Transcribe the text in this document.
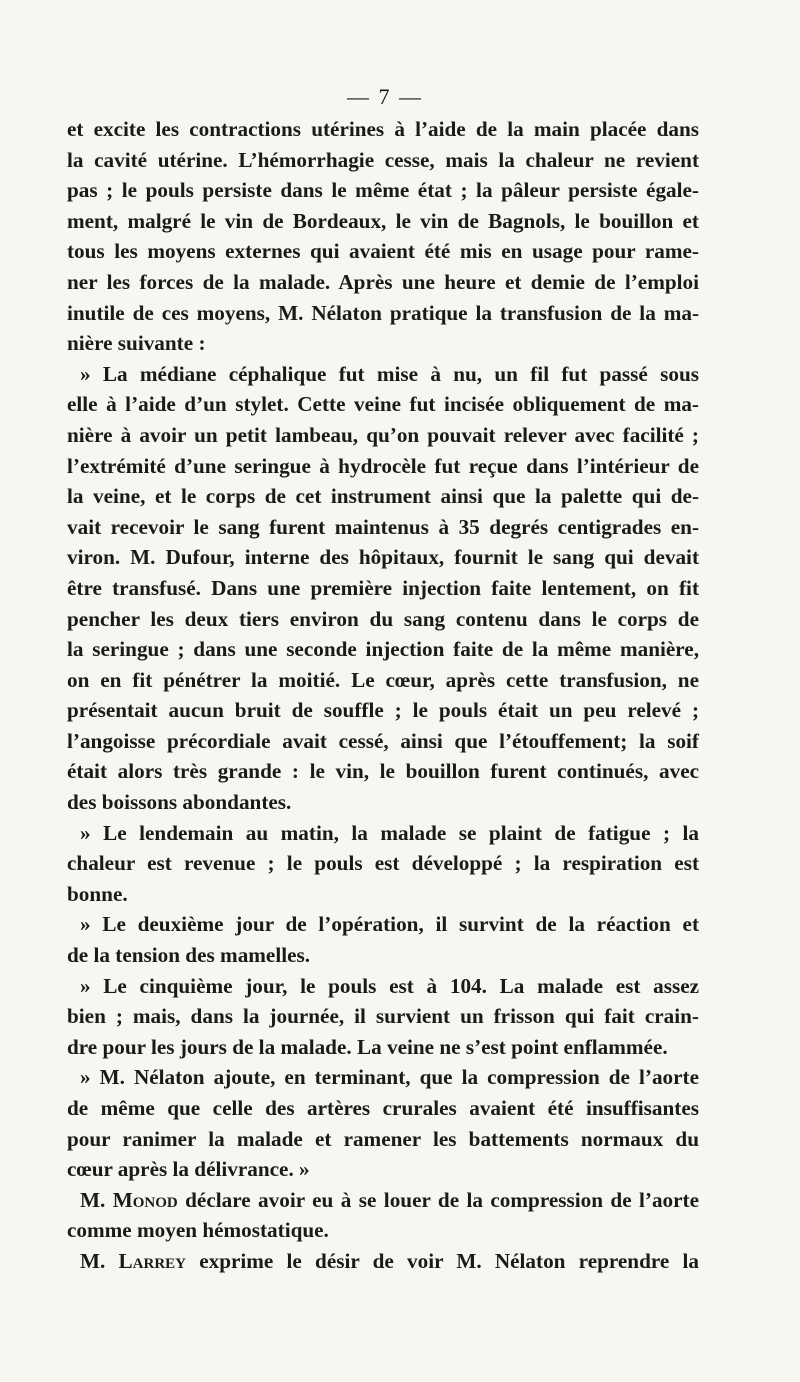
— 7 —
et excite les contractions utérines à l’aide de la main placée dans
la cavité utérine. L’hémorrhagie cesse, mais la chaleur ne revient
pas ; le pouls persiste dans le même état ; la pâleur persiste égale-
ment, malgré le vin de Bordeaux, le vin de Bagnols, le bouillon et
tous les moyens externes qui avaient été mis en usage pour rame-
ner les forces de la malade. Après une heure et demie de l’emploi
inutile de ces moyens, M. Nélaton pratique la transfusion de la ma-
nière suivante :
» La médiane céphalique fut mise à nu, un fil fut passé sous
elle à l’aide d’un stylet. Cette veine fut incisée obliquement de ma-
nière à avoir un petit lambeau, qu’on pouvait relever avec facilité ;
l’extrémité d’une seringue à hydrocèle fut reçue dans l’intérieur de
la veine, et le corps de cet instrument ainsi que la palette qui de-
vait recevoir le sang furent maintenus à 35 degrés centigrades en-
viron. M. Dufour, interne des hôpitaux, fournit le sang qui devait
être transfusé. Dans une première injection faite lentement, on fit
pencher les deux tiers environ du sang contenu dans le corps de
la seringue ; dans une seconde injection faite de la même manière,
on en fit pénétrer la moitié. Le cœur, après cette transfusion, ne
présentait aucun bruit de souffle ; le pouls était un peu relevé ;
l’angoisse précordiale avait cessé, ainsi que l’étouffement; la soif
était alors très grande : le vin, le bouillon furent continués, avec
des boissons abondantes.
» Le lendemain au matin, la malade se plaint de fatigue ; la
chaleur est revenue ; le pouls est développé ; la respiration est
bonne.
» Le deuxième jour de l’opération, il survint de la réaction et
de la tension des mamelles.
» Le cinquième jour, le pouls est à 104. La malade est assez
bien ; mais, dans la journée, il survient un frisson qui fait crain-
dre pour les jours de la malade. La veine ne s’est point enflammée.
» M. Nélaton ajoute, en terminant, que la compression de l’aorte
de même que celle des artères crurales avaient été insuffisantes
pour ranimer la malade et ramener les battements normaux du
cœur après la délivrance. »
M. Monod déclare avoir eu à se louer de la compression de l’aorte
comme moyen hémostatique.
M. Larrey exprime le désir de voir M. Nélaton reprendre la
